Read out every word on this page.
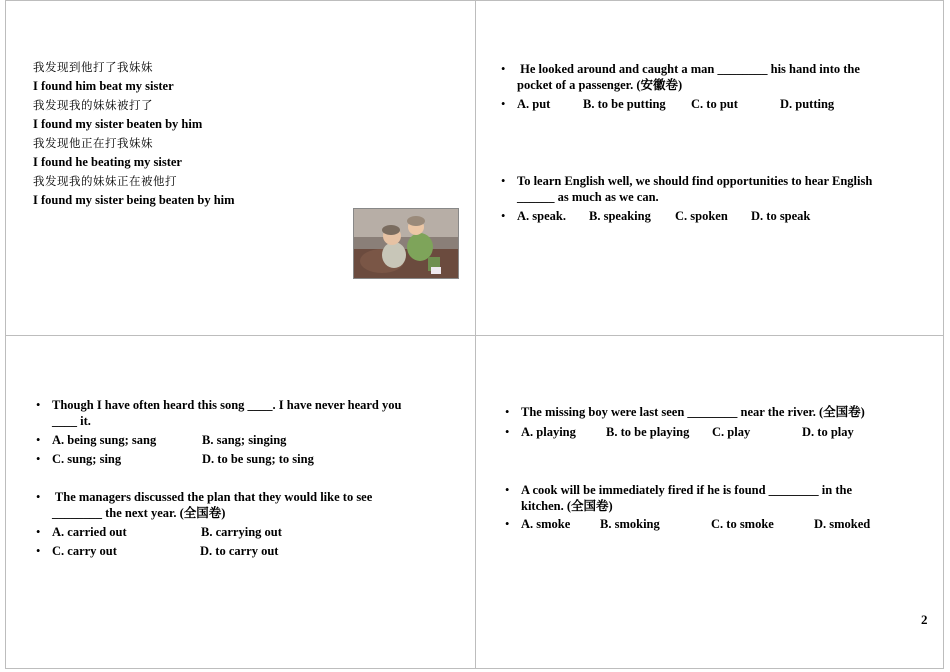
我发现到他打了我妹妹
I found him beat my sister
我发现我的妹妹被打了
I found my sister beaten by him
我发现他正在打我妹妹
I found he beating my sister
我发现我的妹妹正在被他打
I found my sister being beaten by him
• He looked around and caught a man ________ his hand into the
pocket of a passenger. (安徽卷)
• A. put	B. to be putting C. to put	D. putting
• To learn English well, we should find opportunities to hear English
______ as much as we can.
• A. speak. B. speaking C. spoken D. to speak
• Though I have often heard this song ____. I have never heard you
____ it.
• A. being sung; sang	B. sang; singing
• C. sung; sing	D. to be sung; to sing
• The managers discussed the plan that they would like to see
________ the next year. (全国卷)
• A. carried out	B. carrying out
• C. carry out	D. to carry out
• The missing boy were last seen ________ near the river. (全国卷)
• A. playing B. to be playing C. play	D. to play
• A cook will be immediately fired if he is found ________ in the
kitchen. (全国卷)
• A. smoke B. smoking	C. to smoke	D. smoked
2
